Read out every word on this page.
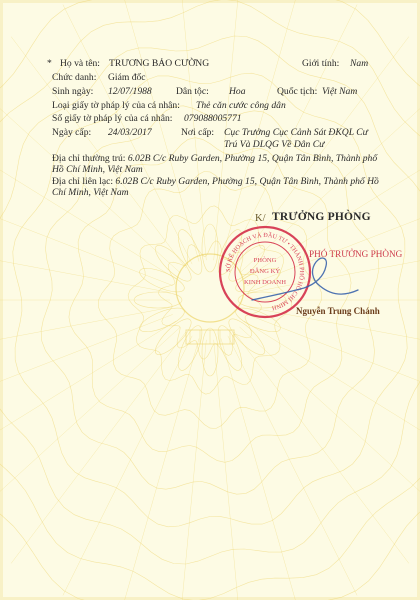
* Họ và tên: TRƯƠNG BẢO CƯỜNG	Giới tính: Nam
Chức danh: Giám đốc
Sinh ngày: 12/07/1988	Dân tộc: Hoa	Quốc tịch: Việt Nam
Loại giấy tờ pháp lý của cá nhân: Thẻ căn cước công dân
Số giấy tờ pháp lý của cá nhân: 079088005771
Ngày cấp: 24/03/2017	Nơi cấp: Cục Trưởng Cục Cảnh Sát ĐKQL Cư
Trú Và DLQG Về Dân Cư
Địa chỉ thường trú: 6.02B C/c Ruby Garden, Phường 15, Quận Tân Bình, Thành phố Hồ Chí Minh, Việt Nam
Địa chỉ liên lạc: 6.02B C/c Ruby Garden, Phường 15, Quận Tân Bình, Thành phố Hồ Chí Minh, Việt Nam
K/ TRƯỞNG PHÒNG
SỞ KẾ HOẠCH VÀ ĐẦU TƯ • THÀNH PHỐ HỒ CHÍ MINH
PHÒNG
ĐĂNG KÝ
KINH DOANH
PHÓ TRƯỞNG PHÒNG
Nguyễn Trung Chánh
